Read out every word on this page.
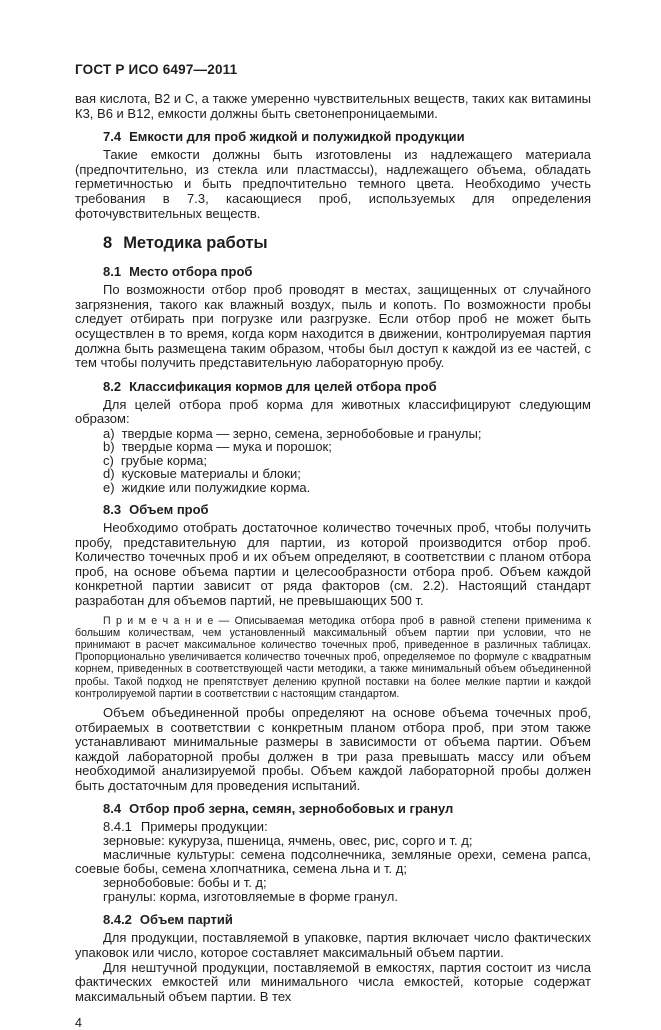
ГОСТ Р ИСО 6497—2011

вая кислота, В2 и С, а также умеренно чувствительных веществ, таких как витамины К3, В6 и В12, емкости должны быть светонепроницаемыми.

7.4 Емкости для проб жидкой и полужидкой продукции

Такие емкости должны быть изготовлены из надлежащего материала (предпочтительно, из стекла или пластмассы), надлежащего объема, обладать герметичностью и быть предпочтительно темного цвета. Необходимо учесть требования в 7.3, касающиеся проб, используемых для определения фоточувствительных веществ.

8 Методика работы
8.1 Место отбора проб

По возможности отбор проб проводят в местах, защищенных от случайного загрязнения, такого как влажный воздух, пыль и копоть. По возможности пробы следует отбирать при погрузке или разгрузке. Если отбор проб не может быть осуществлен в то время, когда корм находится в движении, контролируемая партия должна быть размещена таким образом, чтобы был доступ к каждой из ее частей, с тем чтобы получить представительную лабораторную пробу.

8.2 Классификация кормов для целей отбора проб

Для целей отбора проб корма для животных классифицируют следующим образом:

a) твердые корма — зерно, семена, зернобобовые и гранулы;
b) твердые корма — мука и порошок;
c) грубые корма;
d) кусковые материалы и блоки;
e) жидкие или полужидкие корма.
8.3 Объем проб

Необходимо отобрать достаточное количество точечных проб, чтобы получить пробу, представительную для партии, из которой производится отбор проб. Количество точечных проб и их объем определяют, в соответствии с планом отбора проб, на основе объема партии и целесообразности отбора проб. Объем каждой конкретной партии зависит от ряда факторов (см. 2.2). Настоящий стандарт разработан для объемов партий, не превышающих 500 т.

П р и м е ч а н и е — Описываемая методика отбора проб в равной степени применима к большим количествам, чем установленный максимальный объем партии при условии, что не принимают в расчет максимальное количество точечных проб, приведенное в различных таблицах. Пропорционально увеличивается количество точечных проб, определяемое по формуле с квадратным корнем, приведенных в соответствующей части методики, а также минимальный объем объединенной пробы. Такой подход не препятствует делению крупной поставки на более мелкие партии и каждой контролируемой партии в соответствии с настоящим стандартом.

Объем объединенной пробы определяют на основе объема точечных проб, отбираемых в соответствии с конкретным планом отбора проб, при этом также устанавливают минимальные размеры в зависимости от объема партии. Объем каждой лабораторной пробы должен в три раза превышать массу или объем необходимой анализируемой пробы. Объем каждой лабораторной пробы должен быть достаточным для проведения испытаний.

8.4 Отбор проб зерна, семян, зернобобовых и гранул

8.4.1 Примеры продукции:

зерновые: кукуруза, пшеница, ячмень, овес, рис, сорго и т. д;

масличные культуры: семена подсолнечника, земляные орехи, семена рапса, соевые бобы, семена хлопчатника, семена льна и т. д;

зернобобовые: бобы и т. д;

гранулы: корма, изготовляемые в форме гранул.

8.4.2 Объем партий

Для продукции, поставляемой в упаковке, партия включает число фактических упаковок или число, которое составляет максимальный объем партии.

Для нештучной продукции, поставляемой в емкостях, партия состоит из числа фактических емкостей или минимального числа емкостей, которые содержат максимальный объем партии. В тех

4
